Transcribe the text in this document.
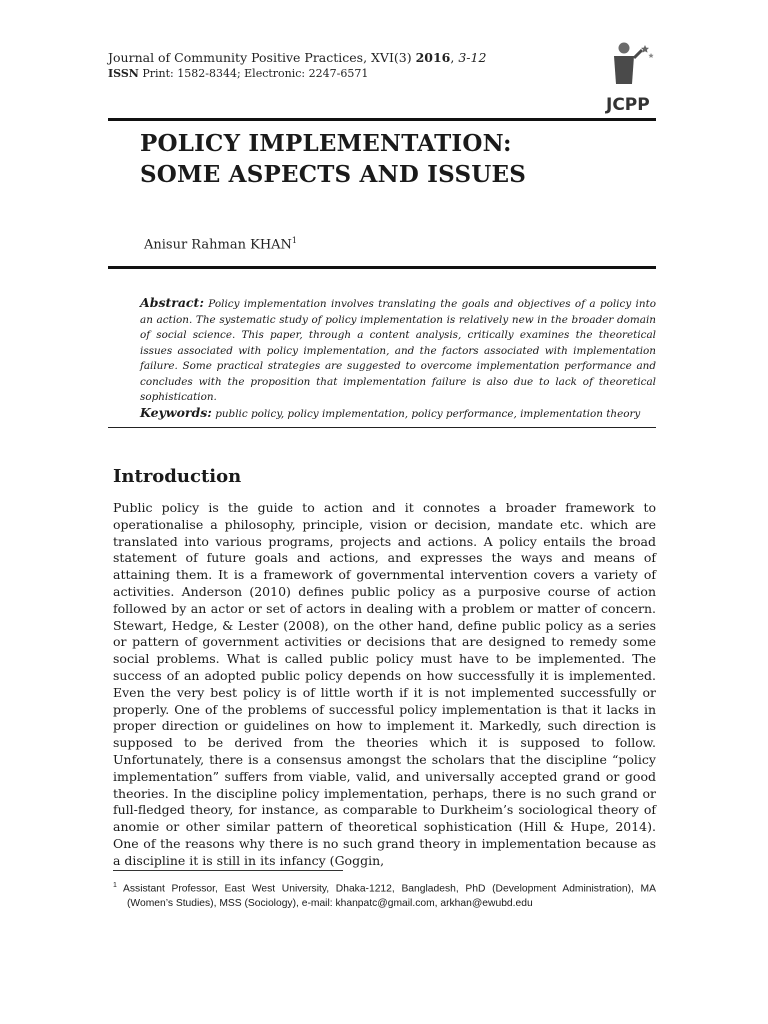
Journal of Community Positive Practices, XVI(3) 2016, 3-12
ISSN Print: 1582-8344; Electronic: 2247-6571
JCPP
POLICY IMPLEMENTATION:
SOME ASPECTS AND ISSUES
Anisur Rahman KHAN$^1$
Abstract: Policy implementation involves translating the goals and objectives of a policy into an action. The systematic study of policy implementation is relatively new in the broader domain of social science. This paper, through a content analysis, critically examines the theoretical issues associated with policy implementation, and the factors associated with implementation failure. Some practical strategies are suggested to overcome implementation performance and concludes with the proposition that implementation failure is also due to lack of theoretical sophistication.
Keywords: public policy, policy implementation, policy performance, implementation theory
Introduction
Public policy is the guide to action and it connotes a broader framework to operationalise a philosophy, principle, vision or decision, mandate etc. which are translated into various programs, projects and actions. A policy entails the broad statement of future goals and actions, and expresses the ways and means of attaining them. It is a framework of governmental intervention covers a variety of activities. Anderson (2010) defines public policy as a purposive course of action followed by an actor or set of actors in dealing with a problem or matter of concern. Stewart, Hedge, & Lester (2008), on the other hand, define public policy as a series or pattern of government activities or decisions that are designed to remedy some social problems. What is called public policy must have to be implemented. The success of an adopted public policy depends on how successfully it is implemented. Even the very best policy is of little worth if it is not implemented successfully or properly. One of the problems of successful policy implementation is that it lacks in proper direction or guidelines on how to implement it. Markedly, such direction is supposed to be derived from the theories which it is supposed to follow. Unfortunately, there is a consensus amongst the scholars that the discipline “policy implementation” suffers from viable, valid, and universally accepted grand or good theories. In the discipline policy implementation, perhaps, there is no such grand or full-fledged theory, for instance, as comparable to Durkheim’s sociological theory of anomie or other similar pattern of theoretical sophistication (Hill & Hupe, 2014). One of the reasons why there is no such grand theory in implementation because as a discipline it is still in its infancy (Goggin,
$^1$ Assistant Professor, East West University, Dhaka-1212, Bangladesh, PhD (Development Administration), MA (Women’s Studies), MSS (Sociology), e-mail: khanpatc@gmail.com, arkhan@ewubd.edu
